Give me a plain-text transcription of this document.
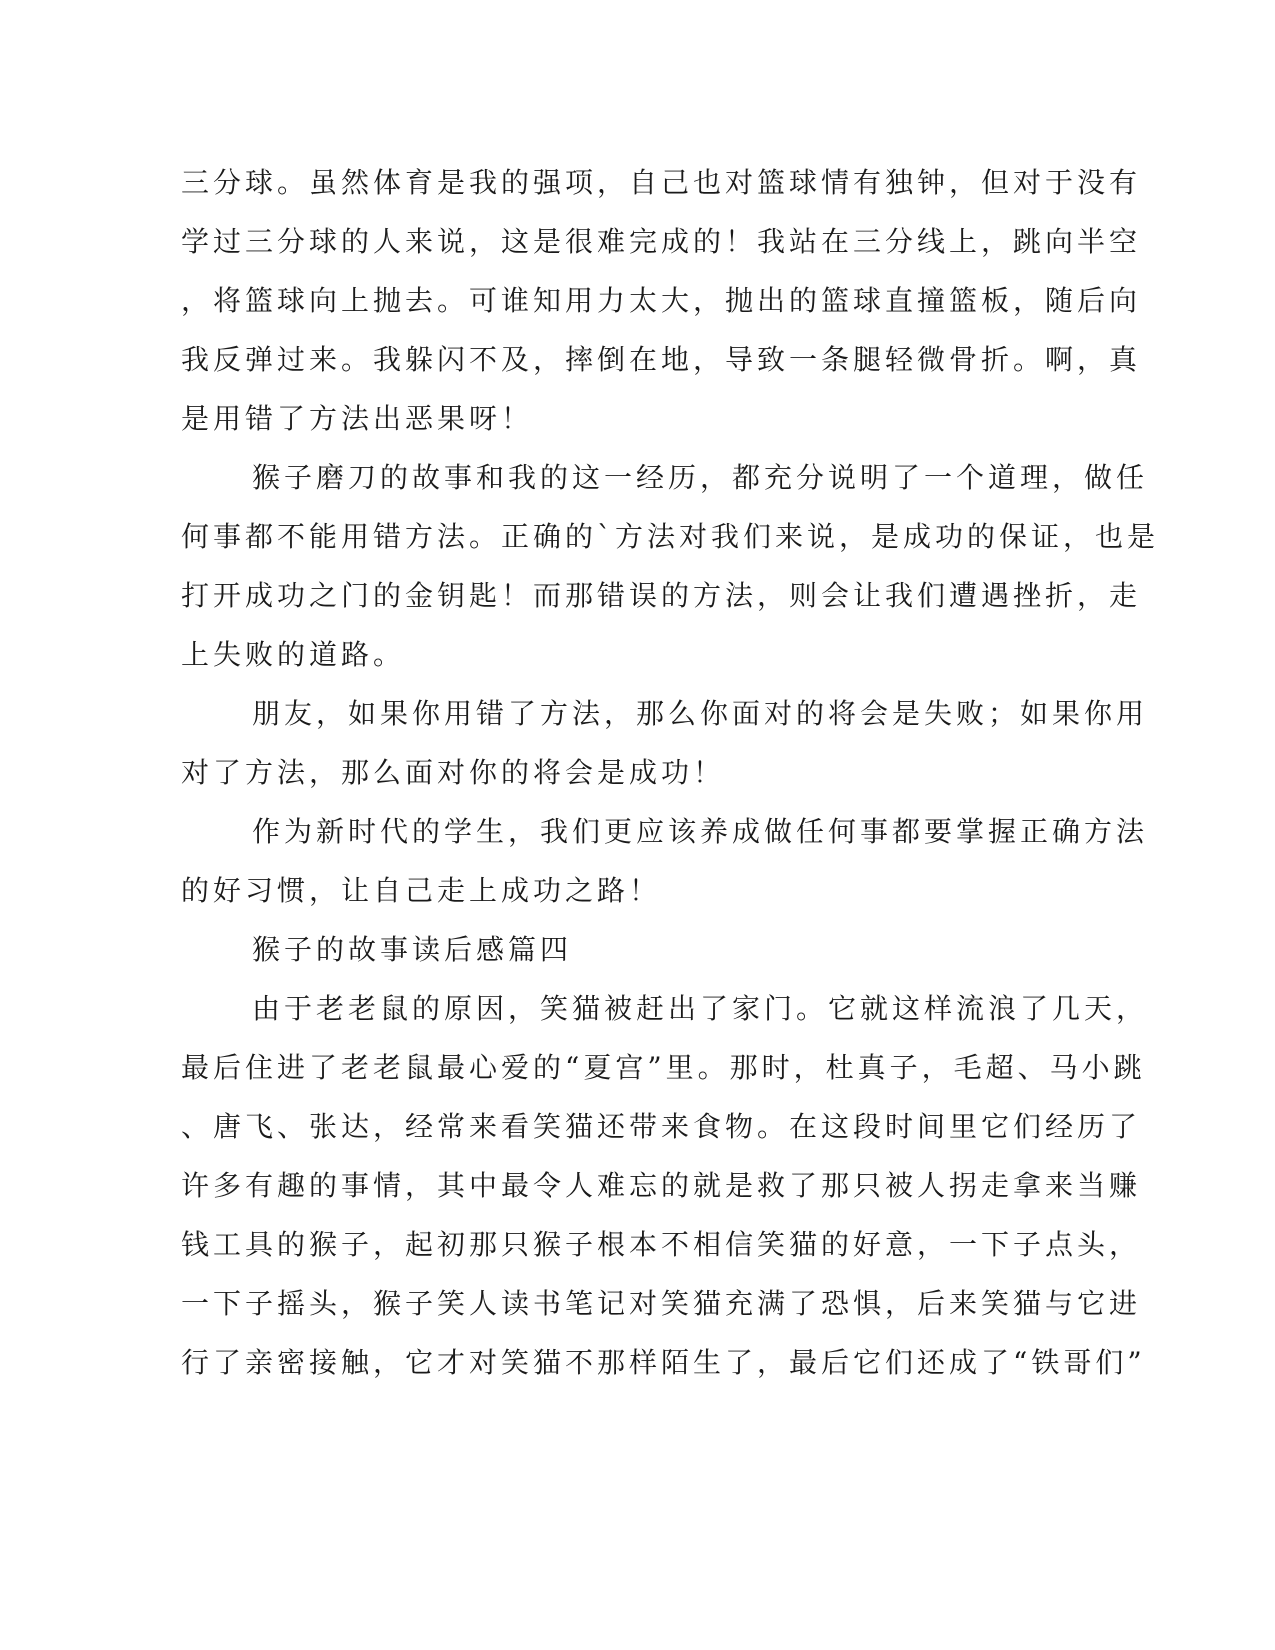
三分球。虽然体育是我的强项，自己也对篮球情有独钟，但对于没有
学过三分球的人来说，这是很难完成的！我站在三分线上，跳向半空
，将篮球向上抛去。可谁知用力太大，抛出的篮球直撞篮板，随后向
我反弹过来。我躲闪不及，摔倒在地，导致一条腿轻微骨折。啊，真
是用错了方法出恶果呀！
猴子磨刀的故事和我的这一经历，都充分说明了一个道理，做任
何事都不能用错方法。正确的`方法对我们来说，是成功的保证，也是
打开成功之门的金钥匙！而那错误的方法，则会让我们遭遇挫折，走
上失败的道路。
朋友，如果你用错了方法，那么你面对的将会是失败；如果你用
对了方法，那么面对你的将会是成功！
作为新时代的学生，我们更应该养成做任何事都要掌握正确方法
的好习惯，让自己走上成功之路！
猴子的故事读后感篇四
由于老老鼠的原因，笑猫被赶出了家门。它就这样流浪了几天，
最后住进了老老鼠最心爱的“夏宫”里。那时，杜真子，毛超、马小跳
、唐飞、张达，经常来看笑猫还带来食物。在这段时间里它们经历了
许多有趣的事情，其中最令人难忘的就是救了那只被人拐走拿来当赚
钱工具的猴子，起初那只猴子根本不相信笑猫的好意，一下子点头，
一下子摇头，猴子笑人读书笔记对笑猫充满了恐惧，后来笑猫与它进
行了亲密接触，它才对笑猫不那样陌生了，最后它们还成了“铁哥们”
